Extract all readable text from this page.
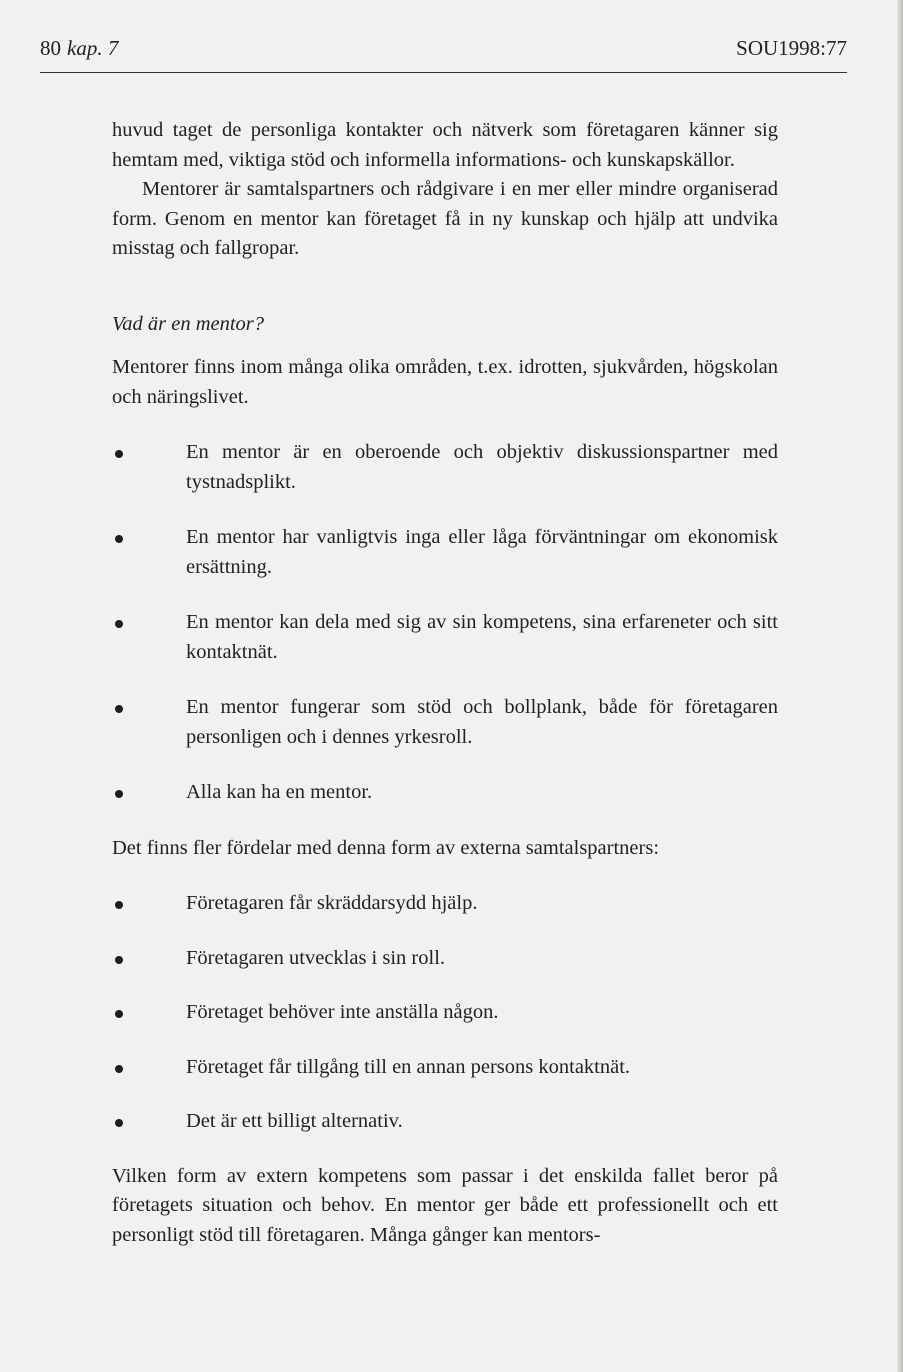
80 kap. 7	SOU1998:77

huvud taget de personliga kontakter och nätverk som företagaren känner sig hemtam med, viktiga stöd och informella informations- och kunskapskällor.

Mentorer är samtalspartners och rådgivare i en mer eller mindre organiserad form. Genom en mentor kan företaget få in ny kunskap och hjälp att undvika misstag och fallgropar.

Vad är en mentor?

Mentorer finns inom många olika områden, t.ex. idrotten, sjukvården, högskolan och näringslivet.

En mentor är en oberoende och objektiv diskussionspartner med tystnadsplikt.
En mentor har vanligtvis inga eller låga förväntningar om ekonomisk ersättning.
En mentor kan dela med sig av sin kompetens, sina erfareneter och sitt kontaktnät.
En mentor fungerar som stöd och bollplank, både för företagaren personligen och i dennes yrkesroll.
Alla kan ha en mentor.

Det finns fler fördelar med denna form av externa samtalspartners:

Företagaren får skräddarsydd hjälp.
Företagaren utvecklas i sin roll.
Företaget behöver inte anställa någon.
Företaget får tillgång till en annan persons kontaktnät.
Det är ett billigt alternativ.

Vilken form av extern kompetens som passar i det enskilda fallet beror på företagets situation och behov. En mentor ger både ett professionellt och ett personligt stöd till företagaren. Många gånger kan mentors-
